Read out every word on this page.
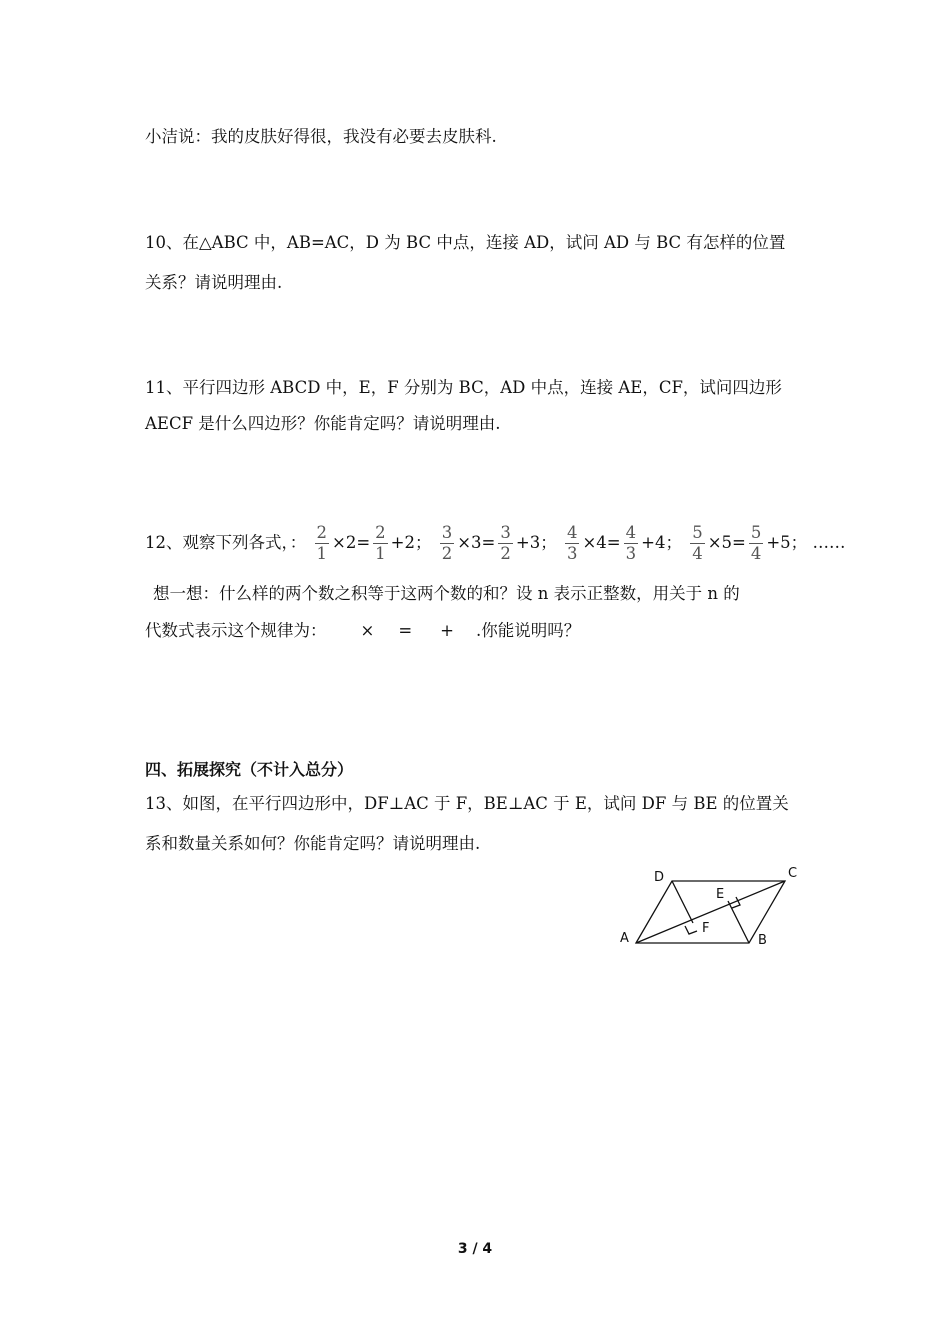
小洁说：我的皮肤好得很，我没有必要去皮肤科.
10、在△ABC 中，AB=AC，D 为 BC 中点，连接 AD，试问 AD 与 BC 有怎样的位置
关系？请说明理由.
11、平行四边形 ABCD 中，E，F 分别为 BC，AD 中点，连接 AE，CF，试问四边形
AECF 是什么四边形？你能肯定吗？请说明理由.
12、观察下列各式，： $\frac{2}{1} \times 2= \frac{2}{1} +2$； $\frac{3}{2} \times 3= \frac{3}{2} +3$； $\frac{4}{3} \times 4= \frac{4}{3} +4$； $\frac{5}{4} \times 5= \frac{5}{4} +5$； ……
想一想：什么样的两个数之积等于这两个数的和？设 n 表示正整数，用关于 n 的
代数式表示这个规律为： × = + .你能说明吗？
四、拓展探究（不计入总分）
13、如图，在平行四边形中，DF⊥AC 于 F，BE⊥AC 于 E，试问 DF 与 BE 的位置关
系和数量关系如何？你能肯定吗？请说明理由.
A	B
C
D
E
F
3 / 4
